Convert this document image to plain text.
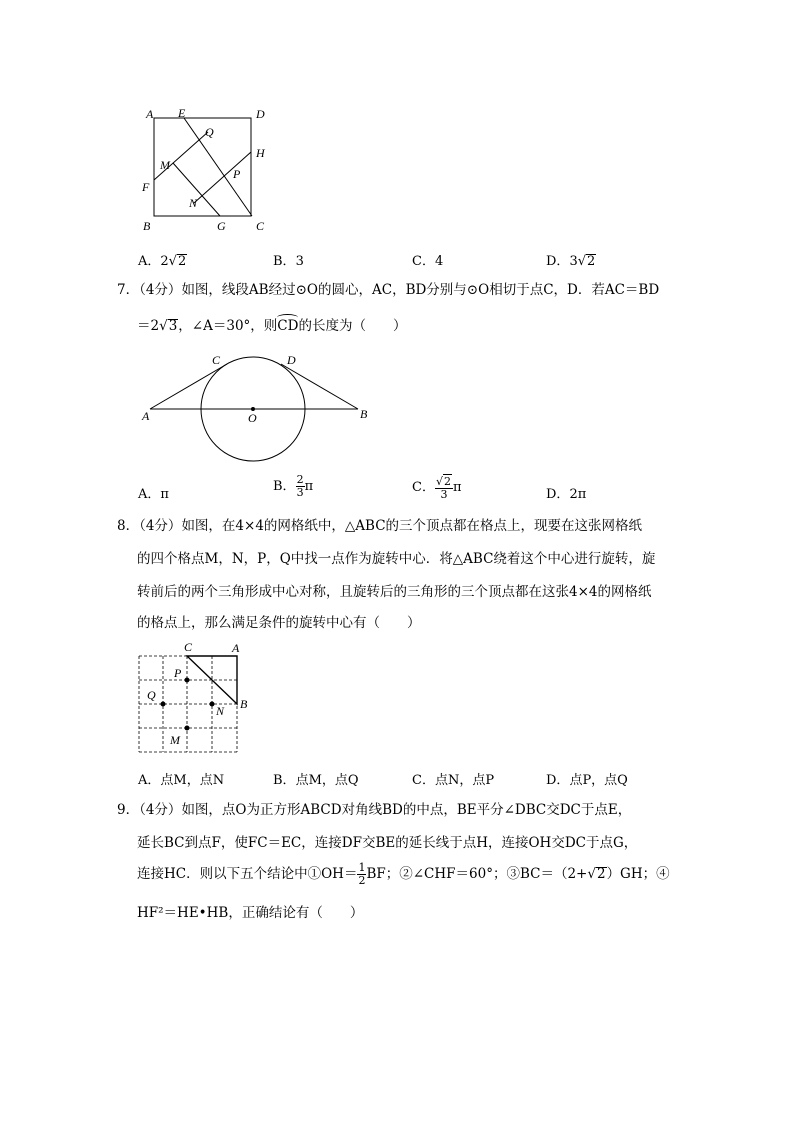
A E	D
Q
H
M
P
F
N
B	G	C
A．2√2	B．3	C．4	D．3√2
7．（4分）如图，线段AB经过⊙O的圆心，AC，BD分别与⊙O相切于点C，D．若AC＝BD
＝2√3，∠A＝30°，则CD的长度为（　　）
C	D
A	O	B
A．π
B． $\frac{2}{3}$ π	C． $\frac{√2}{3}$ π	D．2π
8．（4分）如图，在4×4的网格纸中，△ABC的三个顶点都在格点上，现要在这张网格纸
的四个格点M，N，P，Q中找一点作为旋转中心．将△ABC绕着这个中心进行旋转，旋
转前后的两个三角形成中心对称，且旋转后的三角形的三个顶点都在这张4×4的网格纸
的格点上，那么满足条件的旋转中心有（　　）
C	A
P
Q
B
N
M
A．点M，点N	B．点M，点Q	C．点N，点P	D．点P，点Q
9．（4分）如图，点O为正方形ABCD对角线BD的中点，BE平分∠DBC交DC于点E，
延长BC到点F，使FC＝EC，连接DF交BE的延长线于点H，连接OH交DC于点G，
连接HC．则以下五个结论中①OH＝ $\frac{1}{2}$ BF；②∠CHF＝60°；③BC＝（2+√2）GH；④
HF²＝HE•HB，正确结论有（　　）
